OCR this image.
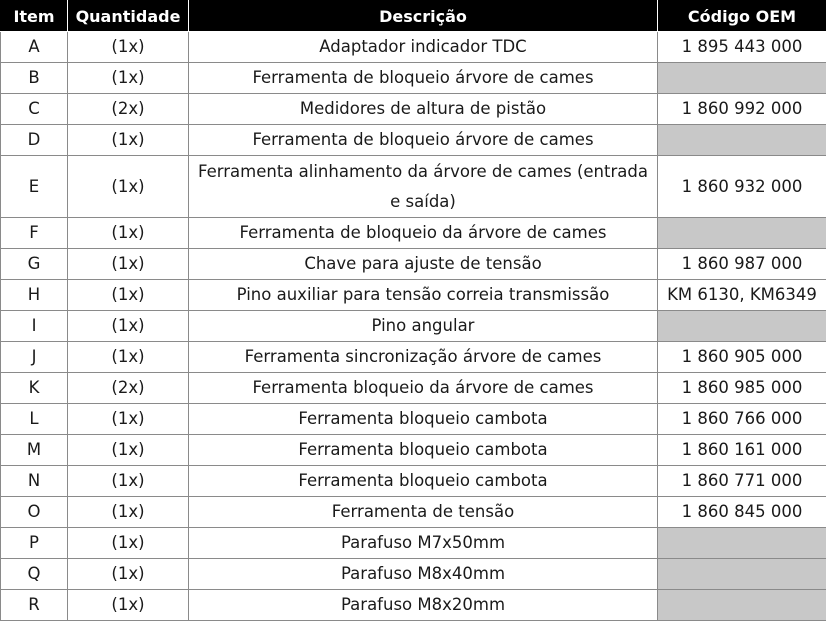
Item	Quantidade	Descrição	Código OEM
A	(1x)	Adaptador indicador TDC	1 895 443 000
B	(1x)	Ferramenta de bloqueio árvore de cames	
C	(2x)	Medidores de altura de pistão	1 860 992 000
D	(1x)	Ferramenta de bloqueio árvore de cames	
E	(1x)	Ferramenta alinhamento da árvore de cames (entrada e saída)	1 860 932 000
F	(1x)	Ferramenta de bloqueio da árvore de cames	
G	(1x)	Chave para ajuste de tensão	1 860 987 000
H	(1x)	Pino auxiliar para tensão correia transmissão	KM 6130, KM6349
I	(1x)	Pino angular	
J	(1x)	Ferramenta sincronização árvore de cames	1 860 905 000
K	(2x)	Ferramenta bloqueio da árvore de cames	1 860 985 000
L	(1x)	Ferramenta bloqueio cambota	1 860 766 000
M	(1x)	Ferramenta bloqueio cambota	1 860 161 000
N	(1x)	Ferramenta bloqueio cambota	1 860 771 000
O	(1x)	Ferramenta de tensão	1 860 845 000
P	(1x)	Parafuso M7x50mm	
Q	(1x)	Parafuso M8x40mm	
R	(1x)	Parafuso M8x20mm	
